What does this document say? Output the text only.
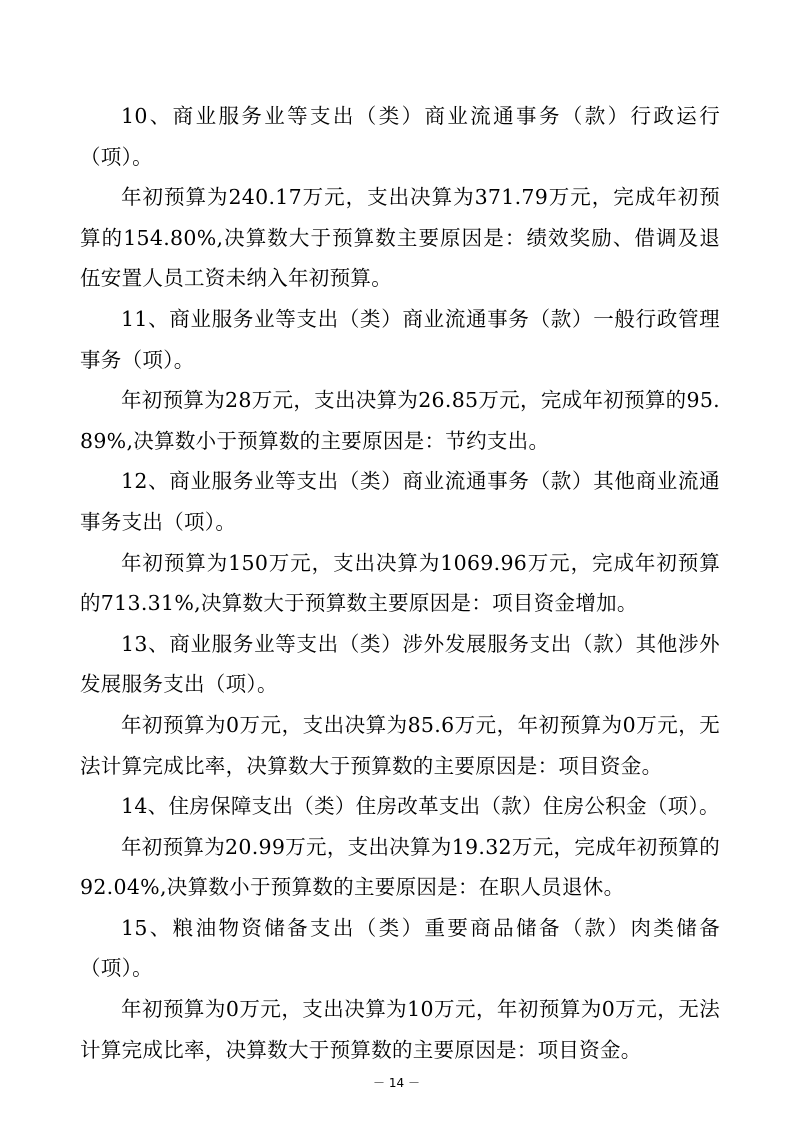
10、商业服务业等支出（类）商业流通事务（款）行政运行（项）。

年初预算为240.17万元，支出决算为371.79万元，完成年初预算的154.80%,决算数大于预算数主要原因是：绩效奖励、借调及退伍安置人员工资未纳入年初预算。

11、商业服务业等支出（类）商业流通事务（款）一般行政管理事务（项）。

年初预算为28万元，支出决算为26.85万元，完成年初预算的95.89%,决算数小于预算数的主要原因是：节约支出。

12、商业服务业等支出（类）商业流通事务（款）其他商业流通事务支出（项）。

年初预算为150万元，支出决算为1069.96万元，完成年初预算的713.31%,决算数大于预算数主要原因是：项目资金增加。

13、商业服务业等支出（类）涉外发展服务支出（款）其他涉外发展服务支出（项）。

年初预算为0万元，支出决算为85.6万元，年初预算为0万元，无法计算完成比率，决算数大于预算数的主要原因是：项目资金。

14、住房保障支出（类）住房改革支出（款）住房公积金（项）。

年初预算为20.99万元，支出决算为19.32万元，完成年初预算的92.04%,决算数小于预算数的主要原因是：在职人员退休。

15、粮油物资储备支出（类）重要商品储备（款）肉类储备（项）。

年初预算为0万元，支出决算为10万元，年初预算为0万元，无法计算完成比率，决算数大于预算数的主要原因是：项目资金。

－ 14 －
